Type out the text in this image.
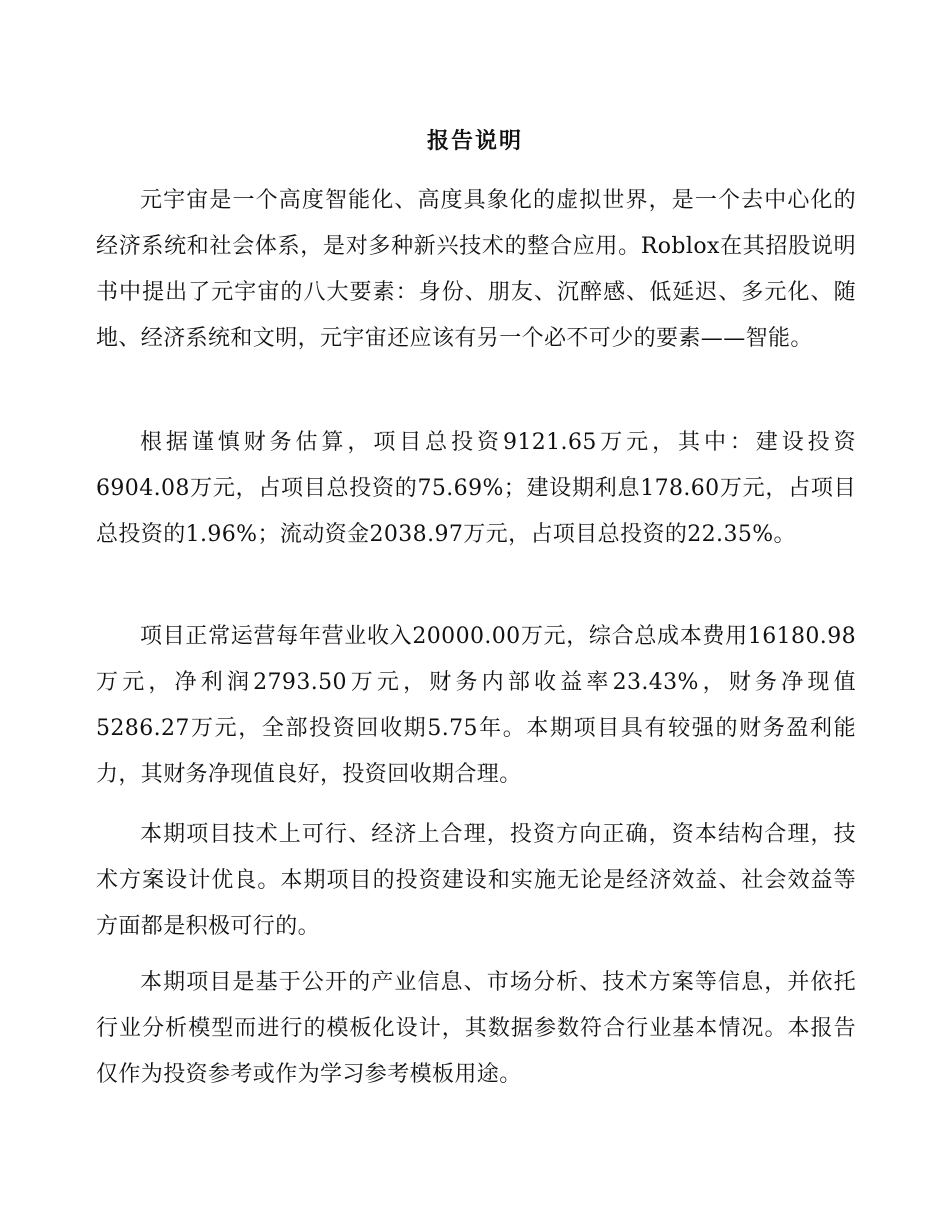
报告说明

元宇宙是一个高度智能化、高度具象化的虚拟世界，是一个去中心化的经济系统和社会体系，是对多种新兴技术的整合应用。Roblox在其招股说明书中提出了元宇宙的八大要素：身份、朋友、沉醉感、低延迟、多元化、随地、经济系统和文明，元宇宙还应该有另一个必不可少的要素——智能。

根据谨慎财务估算，项目总投资9121.65万元，其中：建设投资6904.08万元，占项目总投资的75.69%；建设期利息178.60万元，占项目总投资的1.96%；流动资金2038.97万元，占项目总投资的22.35%。

项目正常运营每年营业收入20000.00万元，综合总成本费用16180.98万元，净利润2793.50万元，财务内部收益率23.43%，财务净现值5286.27万元，全部投资回收期5.75年。本期项目具有较强的财务盈利能力，其财务净现值良好，投资回收期合理。

本期项目技术上可行、经济上合理，投资方向正确，资本结构合理，技术方案设计优良。本期项目的投资建设和实施无论是经济效益、社会效益等方面都是积极可行的。

本期项目是基于公开的产业信息、市场分析、技术方案等信息，并依托行业分析模型而进行的模板化设计，其数据参数符合行业基本情况。本报告仅作为投资参考或作为学习参考模板用途。
